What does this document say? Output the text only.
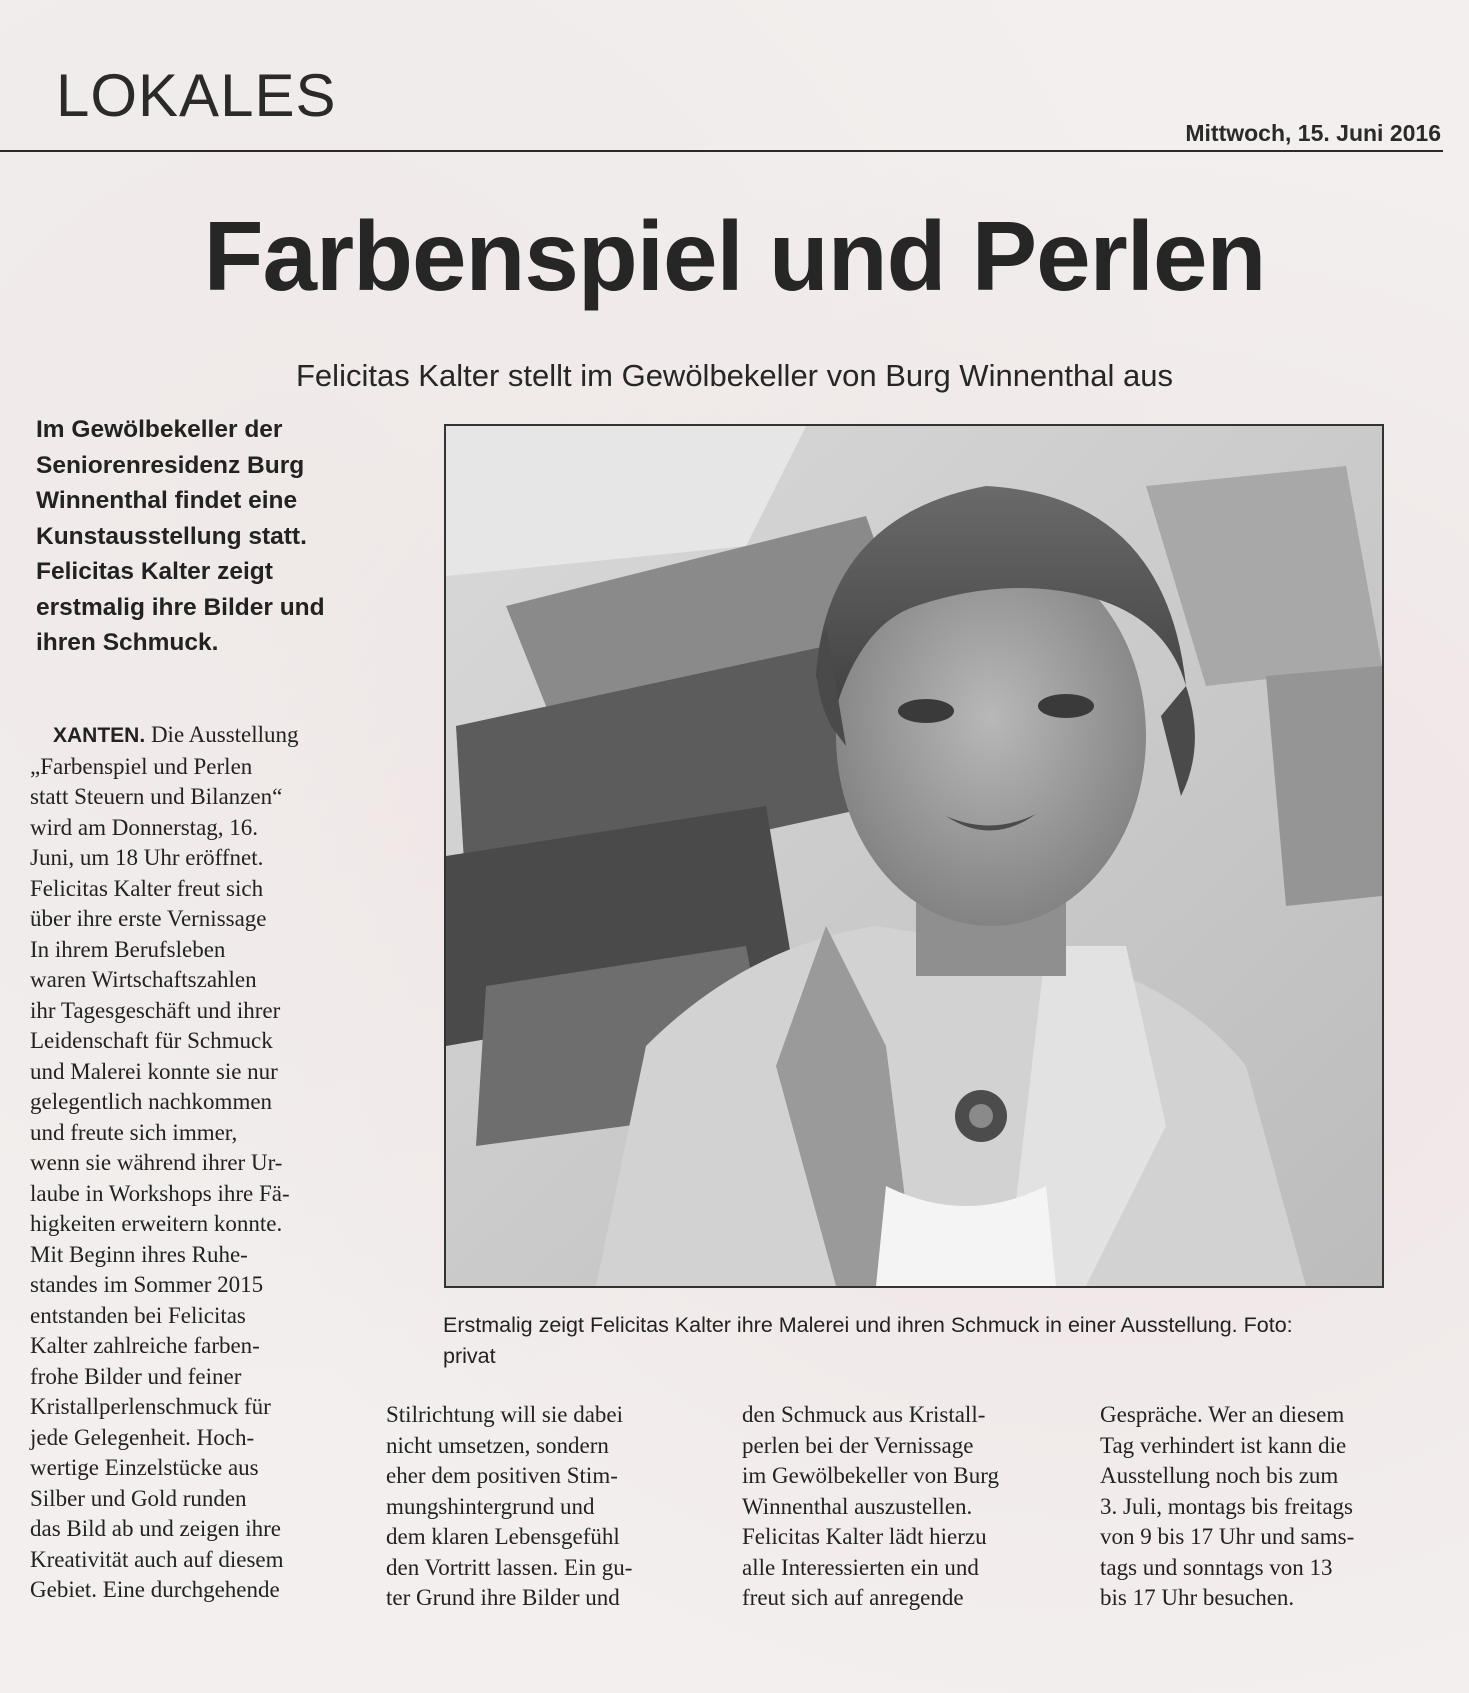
LOKALES
Mittwoch, 15. Juni 2016
Farbenspiel und Perlen
Felicitas Kalter stellt im Gewölbekeller von Burg Winnenthal aus
Im Gewölbekeller der
Seniorenresidenz Burg
Winnenthal findet eine
Kunstausstellung statt.
Felicitas Kalter zeigt
erstmalig ihre Bilder und
ihren Schmuck.
XANTEN. Die Ausstellung
„Farbenspiel und Perlen
statt Steuern und Bilanzen“
wird am Donnerstag, 16.
Juni, um 18 Uhr eröffnet.
Felicitas Kalter freut sich
über ihre erste Vernissage
In ihrem Berufsleben
waren Wirtschaftszahlen
ihr Tagesgeschäft und ihrer
Leidenschaft für Schmuck
und Malerei konnte sie nur
gelegentlich nachkommen
und freute sich immer,
wenn sie während ihrer Ur-
laube in Workshops ihre Fä-
higkeiten erweitern konnte.
Mit Beginn ihres Ruhe-
standes im Sommer 2015
entstanden bei Felicitas
Kalter zahlreiche farben-
frohe Bilder und feiner
Kristallperlenschmuck für
jede Gelegenheit. Hoch-
wertige Einzelstücke aus
Silber und Gold runden
das Bild ab und zeigen ihre
Kreativität auch auf diesem
Gebiet. Eine durchgehende
Erstmalig zeigt Felicitas Kalter ihre Malerei und ihren Schmuck in einer Ausstellung. Foto:
privat
Stilrichtung will sie dabei
nicht umsetzen, sondern
eher dem positiven Stim-
mungshintergrund und
dem klaren Lebensgefühl
den Vortritt lassen. Ein gu-
ter Grund ihre Bilder und
den Schmuck aus Kristall-
perlen bei der Vernissage
im Gewölbekeller von Burg
Winnenthal auszustellen.
Felicitas Kalter lädt hierzu
alle Interessierten ein und
freut sich auf anregende
Gespräche. Wer an diesem
Tag verhindert ist kann die
Ausstellung noch bis zum
3. Juli, montags bis freitags
von 9 bis 17 Uhr und sams-
tags und sonntags von 13
bis 17 Uhr besuchen.
